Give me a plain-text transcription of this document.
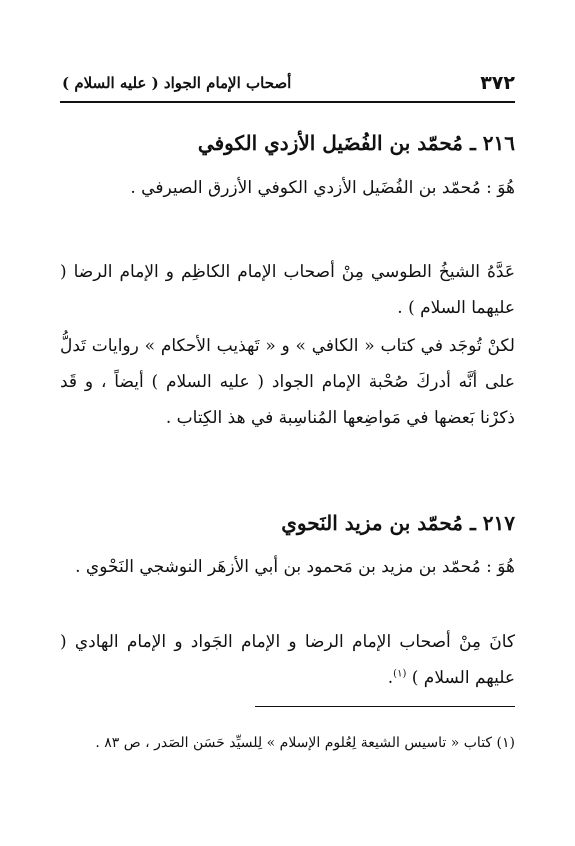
٣٧٢
أصحاب الإمام الجواد ( عليه السلام )
٢١٦ ـ مُحمّد بن الفُضَيل الأزدي الكوفي
هُوَ : مُحمّد بن الفُضَيل الأزدي الكوفي الأزرق الصيرفي .
عَدَّهُ الشيخُ الطوسي مِنْ أصحاب الإمام الكاظِم و الإمام الرضا ( عليهما السلام ) .
لكنْ تُوجَد في كتاب « الكافي » و « تَهذيب الأحكام » روايات تَدلُّ على أنَّه أدركَ صُحْبة الإمام الجواد ( عليه السلام ) أيضاً ، و قَد ذكرْنا بَعضها في مَواضِعها المُناسِبة في هذ الكِتاب .
٢١٧ ـ مُحمّد بن مزيد النَحوي
هُوَ : مُحمّد بن مزيد بن مَحمود بن أبي الأزهَر النوشجي النَحْوي .
كانَ مِنْ أصحاب الإمام الرضا و الإمام الجَواد و الإمام الهادي ( عليهم السلام ) $^{(١)}$.
(١) كتاب « تاسيس الشيعة لِعُلوم الإسلام » لِلسيِّد حَسَن الصَدر ، ص ٨٣ .
